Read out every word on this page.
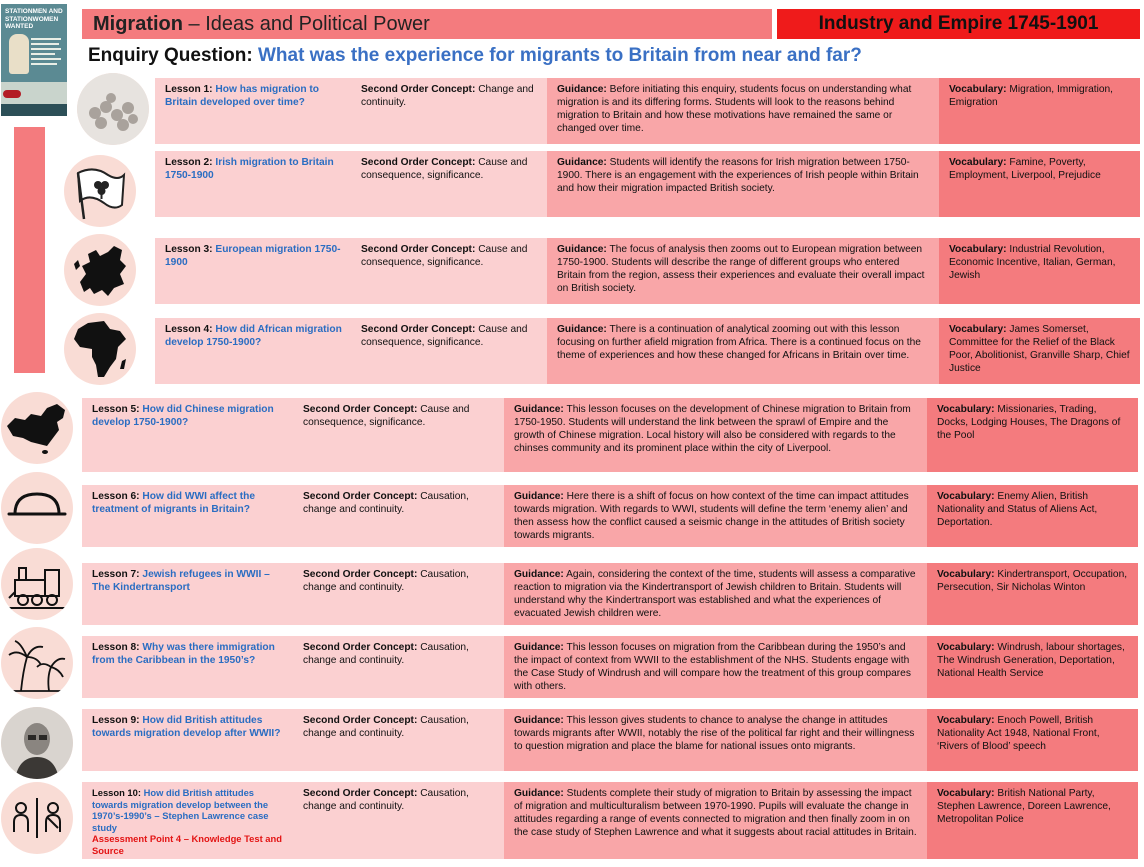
STATIONMEN AND STATIONWOMEN WANTED	Migration – Ideas and Political Power	Industry and Empire 1745-1901
Enquiry Question: What was the experience for migrants to Britain from near and far?
Lesson 1: How has migration to Britain developed over time?
Second Order Concept: Change and continuity.
Guidance: Before initiating this enquiry, students focus on understanding what migration is and its differing forms. Students will look to the reasons behind migration to Britain and how these motivations have remained the same or changed over time.
Vocabulary: Migration, Immigration, Emigration
Lesson 2: Irish migration to Britain 1750-1900
Second Order Concept: Cause and consequence, significance.
Guidance: Students will identify the reasons for Irish migration between 1750-1900. There is an engagement with the experiences of Irish people within Britain and how their migration impacted British society.
Vocabulary: Famine, Poverty, Employment, Liverpool, Prejudice
Lesson 3: European migration 1750-1900
Second Order Concept: Cause and consequence, significance.
Guidance: The focus of analysis then zooms out to European migration between 1750-1900. Students will describe the range of different groups who entered Britain from the region, assess their experiences and evaluate their overall impact on British society.
Vocabulary: Industrial Revolution, Economic Incentive, Italian, German, Jewish
Lesson 4: How did African migration develop 1750-1900?
Second Order Concept: Cause and consequence, significance.
Guidance: There is a continuation of analytical zooming out with this lesson focusing on further afield migration from Africa. There is a continued focus on the theme of experiences and how these changed for Africans in Britain over time.
Vocabulary: James Somerset, Committee for the Relief of the Black Poor, Abolitionist, Granville Sharp, Chief Justice
Lesson 5: How did Chinese migration develop 1750-1900?
Second Order Concept: Cause and consequence, significance.
Guidance: This lesson focuses on the development of Chinese migration to Britain from 1750-1950. Students will understand the link between the sprawl of Empire and the growth of Chinese migration. Local history will also be considered with regards to the chinses community and its prominent place within the city of Liverpool.
Vocabulary: Missionaries, Trading, Docks, Lodging Houses, The Dragons of the Pool
Lesson 6: How did WWI affect the treatment of migrants in Britain?
Second Order Concept: Causation, change and continuity.
Guidance: Here there is a shift of focus on how context of the time can impact attitudes towards migration. With regards to WWI, students will define the term ‘enemy alien’ and then assess how the conflict caused a seismic change in the attitudes of British society towards migrants.
Vocabulary: Enemy Alien, British Nationality and Status of Aliens Act, Deportation.
Lesson 7: Jewish refugees in WWII – The Kindertransport
Second Order Concept: Causation, change and continuity.
Guidance: Again, considering the context of the time, students will assess a comparative reaction to migration via the Kindertransport of Jewish children to Britain. Students will understand why the Kindertransport was established and what the experiences of evacuated Jewish children were.
Vocabulary: Kindertransport, Occupation, Persecution, Sir Nicholas Winton
Lesson 8: Why was there immigration from the Caribbean in the 1950’s?
Second Order Concept: Causation, change and continuity.
Guidance: This lesson focuses on migration from the Caribbean during the 1950’s and the impact of context from WWII to the establishment of the NHS. Students engage with the Case Study of Windrush and will compare how the treatment of this group compares with others.
Vocabulary: Windrush, labour shortages, The Windrush Generation, Deportation, National Health Service
Lesson 9: How did British attitudes towards migration develop after WWII?
Second Order Concept: Causation, change and continuity.
Guidance: This lesson gives students to chance to analyse the change in attitudes towards migrants after WWII, notably the rise of the political far right and their willingness to question migration and place the blame for national issues onto migrants.
Vocabulary: Enoch Powell, British Nationality Act 1948, National Front, ‘Rivers of Blood’ speech
Lesson 10: How did British attitudes towards migration develop between the 1970’s-1990’s – Stephen Lawrence case study
Assessment Point 4 – Knowledge Test and Source
Second Order Concept: Causation, change and continuity.
Guidance: Students complete their study of migration to Britain by assessing the impact of migration and multiculturalism between 1970-1990. Pupils will evaluate the change in attitudes regarding a range of events connected to migration and then finally zoom in on the case study of Stephen Lawrence and what it suggests about racial attitudes in Britain.
Vocabulary: British National Party, Stephen Lawrence, Doreen Lawrence, Metropolitan Police
